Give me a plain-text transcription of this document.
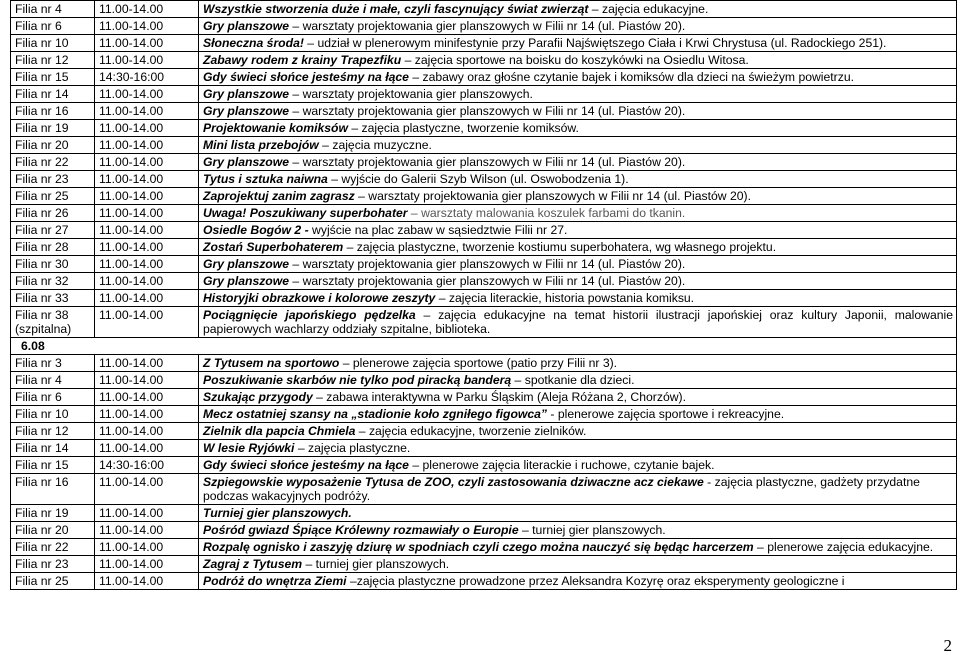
Filia nr 4	11.00-14.00	Wszystkie stworzenia duże i małe, czyli fascynujący świat zwierząt – zajęcia edukacyjne.
Filia nr 6	11.00-14.00	Gry planszowe – warsztaty projektowania gier planszowych w Filii nr 14 (ul. Piastów 20).
Filia nr 10	11.00-14.00	Słoneczna środa! – udział w plenerowym minifestynie przy Parafii Najświętszego Ciała i Krwi Chrystusa (ul. Radockiego 251).
Filia nr 12	11.00-14.00	Zabawy rodem z krainy Trapezfiku – zajęcia sportowe na boisku do koszykówki na Osiedlu Witosa.
Filia nr 15	14:30-16:00	Gdy świeci słońce jesteśmy na łące – zabawy oraz głośne czytanie bajek i komiksów dla dzieci na świeżym powietrzu.
Filia nr 14	11.00-14.00	Gry planszowe – warsztaty projektowania gier planszowych.
Filia nr 16	11.00-14.00	Gry planszowe – warsztaty projektowania gier planszowych w Filii nr 14 (ul. Piastów 20).
Filia nr 19	11.00-14.00	Projektowanie komiksów – zajęcia plastyczne, tworzenie komiksów.
Filia nr 20	11.00-14.00	Mini lista przebojów – zajęcia muzyczne.
Filia nr 22	11.00-14.00	Gry planszowe – warsztaty projektowania gier planszowych w Filii nr 14 (ul. Piastów 20).
Filia nr 23	11.00-14.00	Tytus i sztuka naiwna – wyjście do Galerii Szyb Wilson (ul. Oswobodzenia 1).
Filia nr 25	11.00-14.00	Zaprojektuj zanim zagrasz – warsztaty projektowania gier planszowych w Filii nr 14 (ul. Piastów 20).
Filia nr 26	11.00-14.00	Uwaga! Poszukiwany superbohater – warsztaty malowania koszulek farbami do tkanin.
Filia nr 27	11.00-14.00	Osiedle Bogów 2 - wyjście na plac zabaw w sąsiedztwie Filii nr 27.
Filia nr 28	11.00-14.00	Zostań Superbohaterem – zajęcia plastyczne, tworzenie kostiumu superbohatera, wg własnego projektu.
Filia nr 30	11.00-14.00	Gry planszowe – warsztaty projektowania gier planszowych w Filii nr 14 (ul. Piastów 20).
Filia nr 32	11.00-14.00	Gry planszowe – warsztaty projektowania gier planszowych w Filii nr 14 (ul. Piastów 20).
Filia nr 33	11.00-14.00	Historyjki obrazkowe i kolorowe zeszyty – zajęcia literackie, historia powstania komiksu.
Filia nr 38 (szpitalna)	11.00-14.00	Pociągnięcie japońskiego pędzelka – zajęcia edukacyjne na temat historii ilustracji japońskiej oraz kultury Japonii, malowanie papierowych wachlarzy oddziały szpitalne, biblioteka.
6.08		
Filia nr 3	11.00-14.00	Z Tytusem na sportowo – plenerowe zajęcia sportowe (patio przy Filii nr 3).
Filia nr 4	11.00-14.00	Poszukiwanie skarbów nie tylko pod piracką banderą – spotkanie dla dzieci.
Filia nr 6	11.00-14.00	Szukając przygody – zabawa interaktywna w Parku Śląskim (Aleja Różana 2, Chorzów).
Filia nr 10	11.00-14.00	Mecz ostatniej szansy na „stadionie koło zgniłego figowca” - plenerowe zajęcia sportowe i rekreacyjne.
Filia nr 12	11.00-14.00	Zielnik dla papcia Chmiela – zajęcia edukacyjne, tworzenie zielników.
Filia nr 14	11.00-14.00	W lesie Ryjówki – zajęcia plastyczne.
Filia nr 15	14:30-16:00	Gdy świeci słońce jesteśmy na łące – plenerowe zajęcia literackie i ruchowe, czytanie bajek.
Filia nr 16	11.00-14.00	Szpiegowskie wyposażenie Tytusa de ZOO, czyli zastosowania dziwaczne acz ciekawe - zajęcia plastyczne, gadżety przydatne podczas wakacyjnych podróży.
Filia nr 19	11.00-14.00	Turniej gier planszowych.
Filia nr 20	11.00-14.00	Pośród gwiazd Śpiące Królewny rozmawiały o Europie – turniej gier planszowych.
Filia nr 22	11.00-14.00	Rozpalę ognisko i zaszyję dziurę w spodniach czyli czego można nauczyć się będąc harcerzem – plenerowe zajęcia edukacyjne.
Filia nr 23	11.00-14.00	Zagraj z Tytusem – turniej gier planszowych.
Filia nr 25	11.00-14.00	Podróż do wnętrza Ziemi –zajęcia plastyczne prowadzone przez Aleksandra Kozyrę oraz eksperymenty geologiczne i
2
